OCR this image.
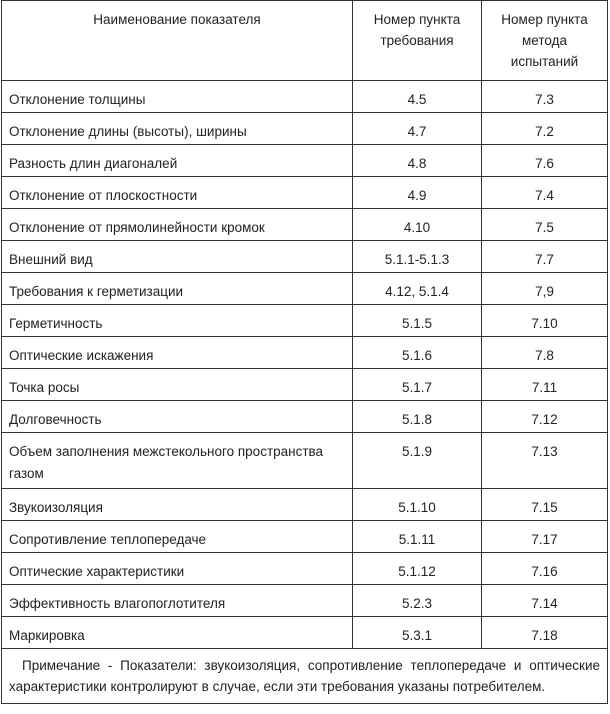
Наименование показателя	Номер пункта требования	Номер пункта метода испытаний
Отклонение толщины	4.5	7.3
Отклонение длины (высоты), ширины	4.7	7.2
Разность длин диагоналей	4.8	7.6
Отклонение от плоскостности	4.9	7.4
Отклонение от прямолинейности кромок	4.10	7.5
Внешний вид	5.1.1-5.1.3	7.7
Требования к герметизации	4.12, 5.1.4	7,9
Герметичность	5.1.5	7.10
Оптические искажения	5.1.6	7.8
Точка росы	5.1.7	7.11
Долговечность	5.1.8	7.12
Объем заполнения межстекольного пространства газом	5.1.9	7.13
Звукоизоляция	5.1.10	7.15
Сопротивление теплопередаче	5.1.11	7.17
Оптические характеристики	5.1.12	7.16
Эффективность влагопоглотителя	5.2.3	7.14
Маркировка	5.3.1	7.18
Примечание - Показатели: звукоизоляция, сопротивление теплопередаче и оптические характеристики контролируют в случае, если эти требования указаны потребителем.		
